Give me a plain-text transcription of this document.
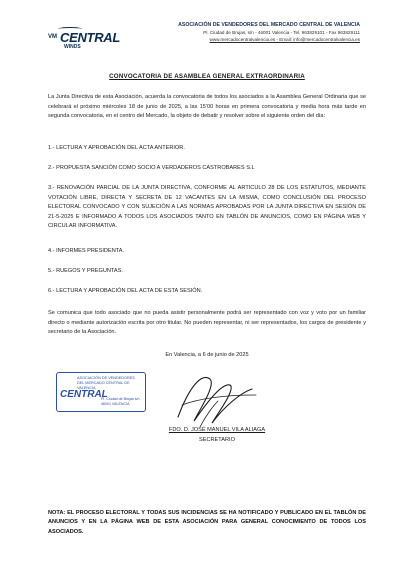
VM CENTRAL
WINDS
ASOCIACIÓN DE VENDEDORES DEL MERCADO CENTRAL DE VALENCIA
Pl. Ciudad de Brujas, s/n - 46001 Valencia - Tel. 963829101 - Fax 963829111
www.mercadocentralvalencia.es - Email: info@mercadocentralvalencia.es
CONVOCATORIA DE ASAMBLEA GENERAL EXTRAORDINARIA
La Junta Directiva de esta Asociación, acuerda la convocatoria de todos los asociados a la Asamblea General Ordinaria que se celebrará el próximo miércoles 18 de junio de 2025, a las 15'00 horas en primera convocatoria y media hora más tarde en segunda convocatoria, en el centro del Mercado, la objeto de debatir y resolver sobre el siguiente orden del día:
1.- LECTURA Y APROBACIÓN DEL ACTA ANTERIOR.
2.- PROPUESTA SANCIÓN COMO SOCIO A VERDADEROS CASTROBARES S.L
3.- RENOVACIÓN PARCIAL DE LA JUNTA DIRECTIVA, CONFORME AL ARTICULO 28 DE LOS ESTATUTOS, MEDIANTE VOTACIÓN LIBRE, DIRECTA Y SECRETA DE 12 VACANTES EN LA MISMA, COMO CONCLUSIÓN DEL PROCESO ELECTORAL CONVOCADO Y CON SUJECIÓN A LAS NORMAS APROBADAS POR LA JUNTA DIRECTIVA EN SESIÓN DE 21-5-2025 E INFORMADO A TODOS LOS ASOCIADOS TANTO EN TABLÓN DE ANUNCIOS, COMO EN PÁGINA WEB Y CIRCULAR INFORMATIVA.
4.- INFORMES PRESIDENTA.
5.- RUEGOS Y PREGUNTAS.
6.- LECTURA Y APROBACIÓN DEL ACTA DE ESTA SESIÓN.
Se comunica que todo asociado que no pueda asistir personalmente podrá ser representado con voz y voto por un familiar directo o mediante autorización escrita por otro titular. No pueden representar, ni ser representados, los cargos de presidente y secretario de la Asociación.
En Valencia, a 6 de junio de 2025
ASOCIACIÓN DE VENDEDORES DEL MERCADO CENTRAL DE VALENCIA
CENTRAL
Pl. Ciudad de Brujas s/n 46001 VALENCIA
FDO. D. JOSÉ MANUEL VILA ALIAGA
SECRETARIO
NOTA: EL PROCESO ELECTORAL Y TODAS SUS INCIDENCIAS SE HA NOTIFICADO Y PUBLICADO EN EL TABLÓN DE ANUNCIOS Y EN LA PÁGINA WEB DE ESTA ASOCIACIÓN PARA GENERAL CONOCIMIENTO DE TODOS LOS ASOCIADOS.
